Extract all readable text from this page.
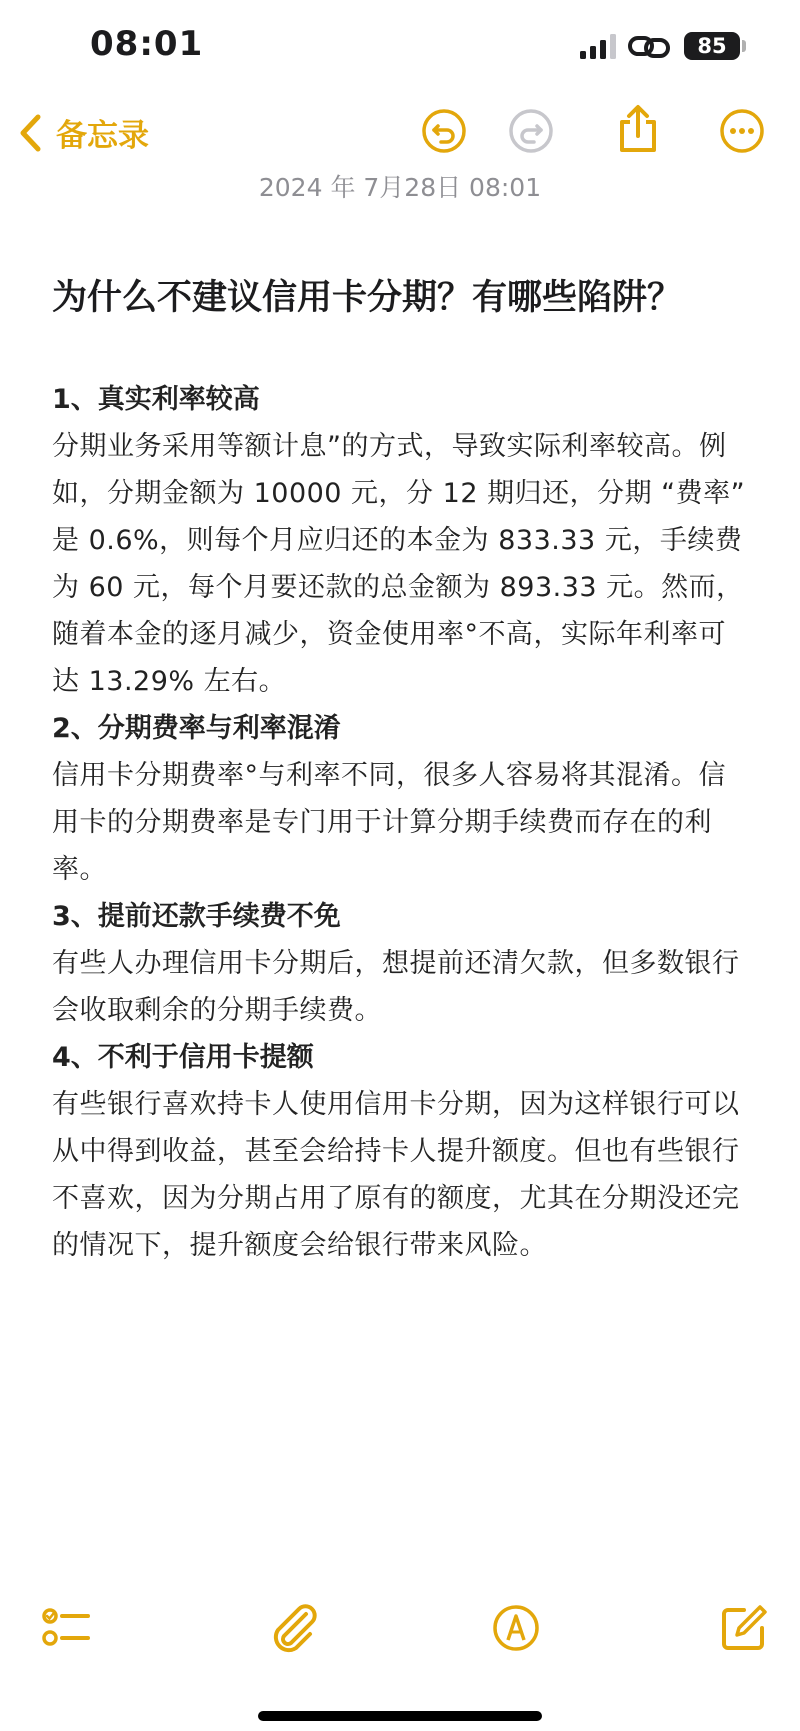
08:01	85
备忘录
2024 年 7月28日 08:01
为什么不建议信用卡分期？有哪些陷阱？

1、真实利率较高

分期业务采用等额计息”的方式，导致实际利率较高。例如，分期金额为 10000 元，分 12 期归还，分期 “费率” 是 0.6%，则每个月应归还的本金为 833.33 元，手续费为 60 元，每个月要还款的总金额为 893.33 元。然而，随着本金的逐月减少，资金使用率°不高，实际年利率可达 13.29% 左右。

2、分期费率与利率混淆

信用卡分期费率°与利率不同，很多人容易将其混淆。信用卡的分期费率是专门用于计算分期手续费而存在的利率。

3、提前还款手续费不免

有些人办理信用卡分期后，想提前还清欠款，但多数银行会收取剩余的分期手续费。

4、不利于信用卡提额

有些银行喜欢持卡人使用信用卡分期，因为这样银行可以从中得到收益，甚至会给持卡人提升额度。但也有些银行不喜欢，因为分期占用了原有的额度，尤其在分期没还完的情况下，提升额度会给银行带来风险。
